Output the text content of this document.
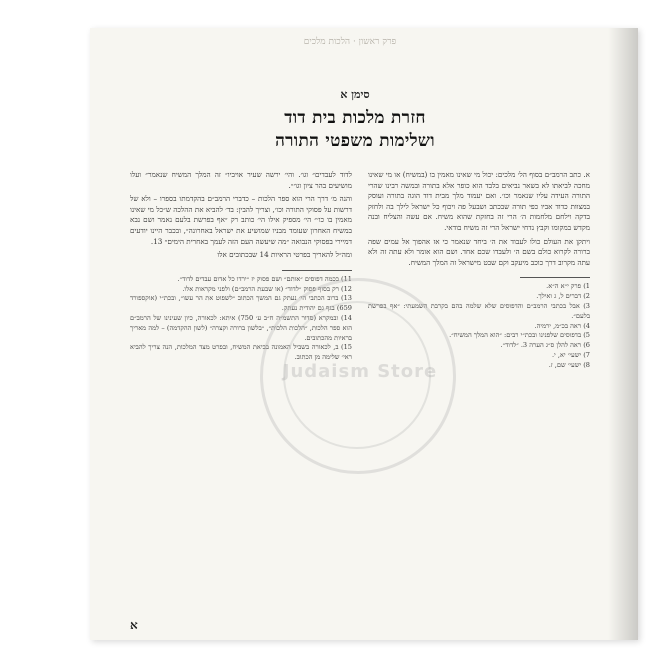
פרק ראשון · הלכות מלכים
סימן א
חזרת מלכות בית דוד
ושלימות משפטי התורה

א. כתב הרמב״ם בסוף הל׳ מלכים: יכול מי שאינו מאמין בו (במשיח) או מי שאינו מחכה לביאתו לא בשאר נביאים בלבד הוא כופר אלא בתורה ובמשה רבינו שהרי התורה העידה עליו שנאמר וכו׳. ואם יעמוד מלך מבית דוד הוגה בתורה ועוסק במצוות כדוד אביו כפי תורה שבכתב ושבעל פה ויכוף כל ישראל לילך בה ולחזק בדקה וילחם מלחמות ה׳ הרי זה בחזקת שהוא משיח. אם עשה והצליח ובנה מקדש במקומו וקבץ נדחי ישראל הרי זה משיח בודאי.

ויתקן את העולם כולו לעבוד את ה׳ ביחד שנאמר כי אז אהפוך אל עמים שפה ברורה לקרוא כולם בשם ה׳ ולעבדו שכם אחד. ושם הוא אומר ולא עתה זה ולא עתה מקרוב דרך כוכב מיעקב וקם שבט מישראל זה המלך המשיח.

1) פרק י״א ה״א.
2) דברים ל, ג ואילך.
3) אבל בכתבי הרמב״ם והדפוסים שלא שלמה בהם בקרבת השמעתי: ״אף בפרשת בלעם״.
4) ראה בכ״מ, ירמיה.
5) בדפוסים שלפנינו ובכת״י רבים: ״הוא המלך המשיח״.
6) ראה להלן ס״ג הערה 3. ״לדוד״.
7) ישעי׳ יא, י.
8) ישעי׳ שם, ז.

לדוד לעבדים״ וגו׳. והי׳ ירשה שעיר אויביו״ זה המלך המשיח שנאמר״ ועלו מושיעים בהר ציון וגו׳״.

והנה מ׳ דרך הרי הוא ספר הלכות – כדברי הרמב״ם בהקדמתו בספרו – ולא של דרשות על פסוקי התורה וכו׳, וצריך להבין: בד׳ להביא את ההלכה ש״כל מי שאינו מאמין בו כו׳״ הי׳ מספיק אילו הי׳ כותב רק ״אף בפרשת בלעם נאמר ושם נבא במשיח האחרון שעומד מבניו שמושיע את ישראל באחרונה״, ובכבר היינו יודעים דמיירי בפסוקי הנבואה ״מה שיעשה העם הזה לעמך באחרית הימים״ 13.

ומה״ל להאריך בפרטי הראיות 14 שבכתובים אלו

11) בכמה דפוסים ״אותם״ ושם פסוק יז ״ירדו כל אדום עבדים לדוד״.
12) רק בסוף פסוק ״לדוד״ (או שבעת הרמב״ם) ולפני מקראות אלו.
13) ברוב הכתבי הי׳ נעתק גם המשך הכתוב ״לשפוט את הר עשו״, ובכת״י (אוקספורד 659) בגף גם יהודית נעתק.
14) ובמקרא (סדור התשמ״ה ח״ב ע׳ 750) איתא: לכאורה, כיון שעינינו של הרמב״ם הוא ספר הלכות, ״הלכות הלכות״, ״בלשון ברורה וקצרה״ (לשון ההקדמה) – למה מאריך בראיות מהכתובים.
15) ב, לכאורה בשביל האמונה בביאת המשיח, ובפרט מצד המלכות, הנה צריך להביא ראי׳ שלימה מן הכתוב.
Judaism Store
א
